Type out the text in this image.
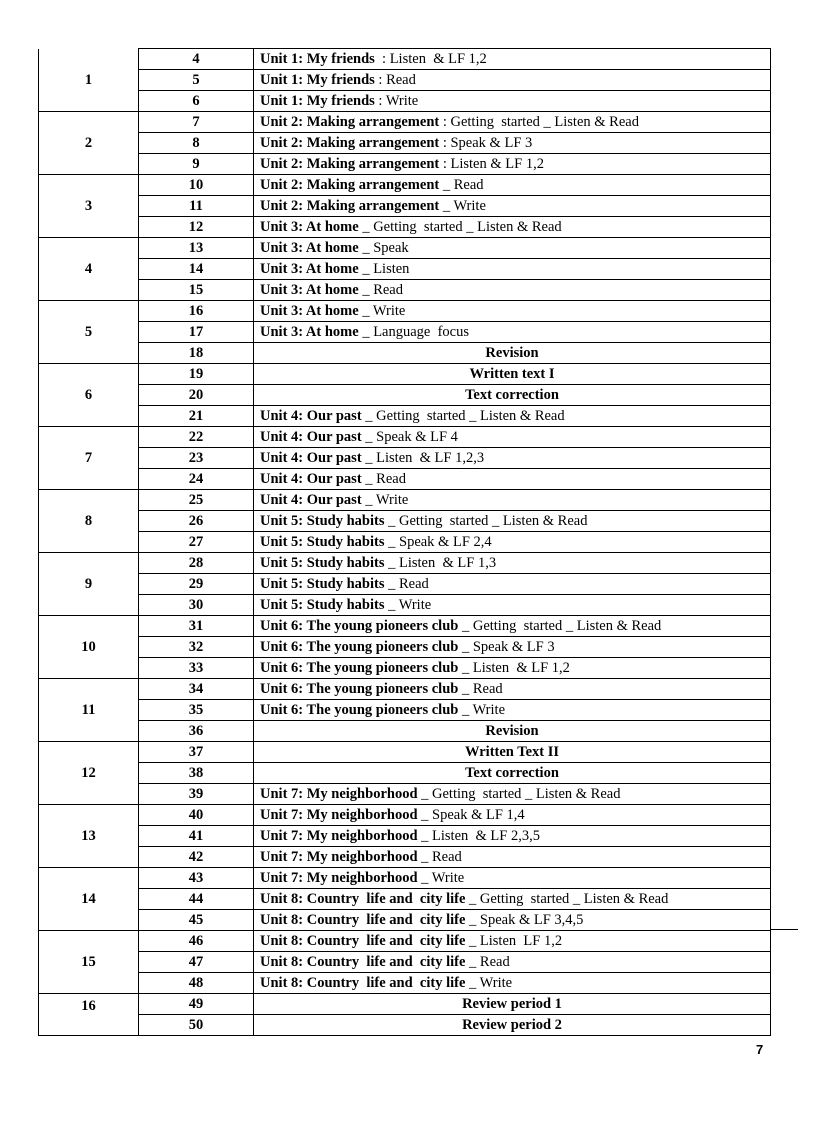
1	4	Unit 1: My friends  : Listen  & LF 1,2
	5	Unit 1: My friends : Read
	6	Unit 1: My friends : Write
2	7	Unit 2: Making arrangement : Getting  started _ Listen & Read
	8	Unit 2: Making arrangement : Speak & LF 3
	9	Unit 2: Making arrangement : Listen & LF 1,2
3	10	Unit 2: Making arrangement _ Read
	11	Unit 2: Making arrangement _ Write
	12	Unit 3: At home _ Getting  started _ Listen & Read
4	13	Unit 3: At home _ Speak
	14	Unit 3: At home _ Listen
	15	Unit 3: At home _ Read
5	16	Unit 3: At home _ Write
	17	Unit 3: At home _ Language  focus
	18	Revision
6	19	Written text I
	20	Text correction
	21	Unit 4: Our past _ Getting  started _ Listen & Read
7	22	Unit 4: Our past _ Speak & LF 4
	23	Unit 4: Our past _ Listen  & LF 1,2,3
	24	Unit 4: Our past _ Read
8	25	Unit 4: Our past _ Write
	26	Unit 5: Study habits _ Getting  started _ Listen & Read
	27	Unit 5: Study habits _ Speak & LF 2,4
9	28	Unit 5: Study habits _ Listen  & LF 1,3
	29	Unit 5: Study habits _ Read
	30	Unit 5: Study habits _ Write
10	31	Unit 6: The young pioneers club _ Getting  started _ Listen & Read
	32	Unit 6: The young pioneers club _ Speak & LF 3
	33	Unit 6: The young pioneers club _ Listen  & LF 1,2
11	34	Unit 6: The young pioneers club _ Read
	35	Unit 6: The young pioneers club _ Write
	36	Revision
12	37	Written Text II
	38	Text correction
	39	Unit 7: My neighborhood _ Getting  started _ Listen & Read
13	40	Unit 7: My neighborhood _ Speak & LF 1,4
	41	Unit 7: My neighborhood _ Listen  & LF 2,3,5
	42	Unit 7: My neighborhood _ Read
14	43	Unit 7: My neighborhood _ Write
	44	Unit 8: Country  life and  city life _ Getting  started _ Listen & Read
	45	Unit 8: Country  life and  city life _ Speak & LF 3,4,5
15	46	Unit 8: Country  life and  city life _ Listen  LF 1,2
	47	Unit 8: Country  life and  city life _ Read
	48	Unit 8: Country  life and  city life _ Write
16	49	Review period 1
	50	Review period 2
7
